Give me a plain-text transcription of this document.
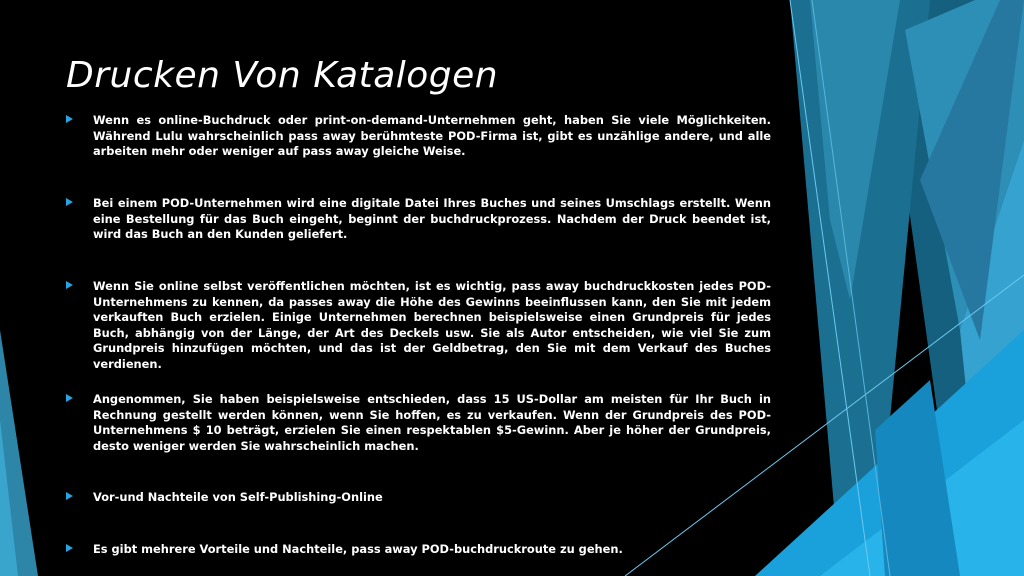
Drucken Von Katalogen
Wenn es online-Buchdruck oder print-on-demand-Unternehmen geht, haben Sie viele Möglichkeiten. Während Lulu wahrscheinlich pass away berühmteste POD-Firma ist, gibt es unzählige andere, und alle arbeiten mehr oder weniger auf pass away gleiche Weise.
Bei einem POD-Unternehmen wird eine digitale Datei Ihres Buches und seines Umschlags erstellt. Wenn eine Bestellung für das Buch eingeht, beginnt der buchdruckprozess. Nachdem der Druck beendet ist, wird das Buch an den Kunden geliefert.
Wenn Sie online selbst veröffentlichen möchten, ist es wichtig, pass away buchdruckkosten jedes POD-Unternehmens zu kennen, da passes away die Höhe des Gewinns beeinflussen kann, den Sie mit jedem verkauften Buch erzielen. Einige Unternehmen berechnen beispielsweise einen Grundpreis für jedes Buch, abhängig von der Länge, der Art des Deckels usw. Sie als Autor entscheiden, wie viel Sie zum Grundpreis hinzufügen möchten, und das ist der Geldbetrag, den Sie mit dem Verkauf des Buches verdienen.
Angenommen, Sie haben beispielsweise entschieden, dass 15 US-Dollar am meisten für Ihr Buch in Rechnung gestellt werden können, wenn Sie hoffen, es zu verkaufen. Wenn der Grundpreis des POD-Unternehmens $ 10 beträgt, erzielen Sie einen respektablen $5-Gewinn. Aber je höher der Grundpreis, desto weniger werden Sie wahrscheinlich machen.
Vor-und Nachteile von Self-Publishing-Online
Es gibt mehrere Vorteile und Nachteile, pass away POD-buchdruckroute zu gehen.
